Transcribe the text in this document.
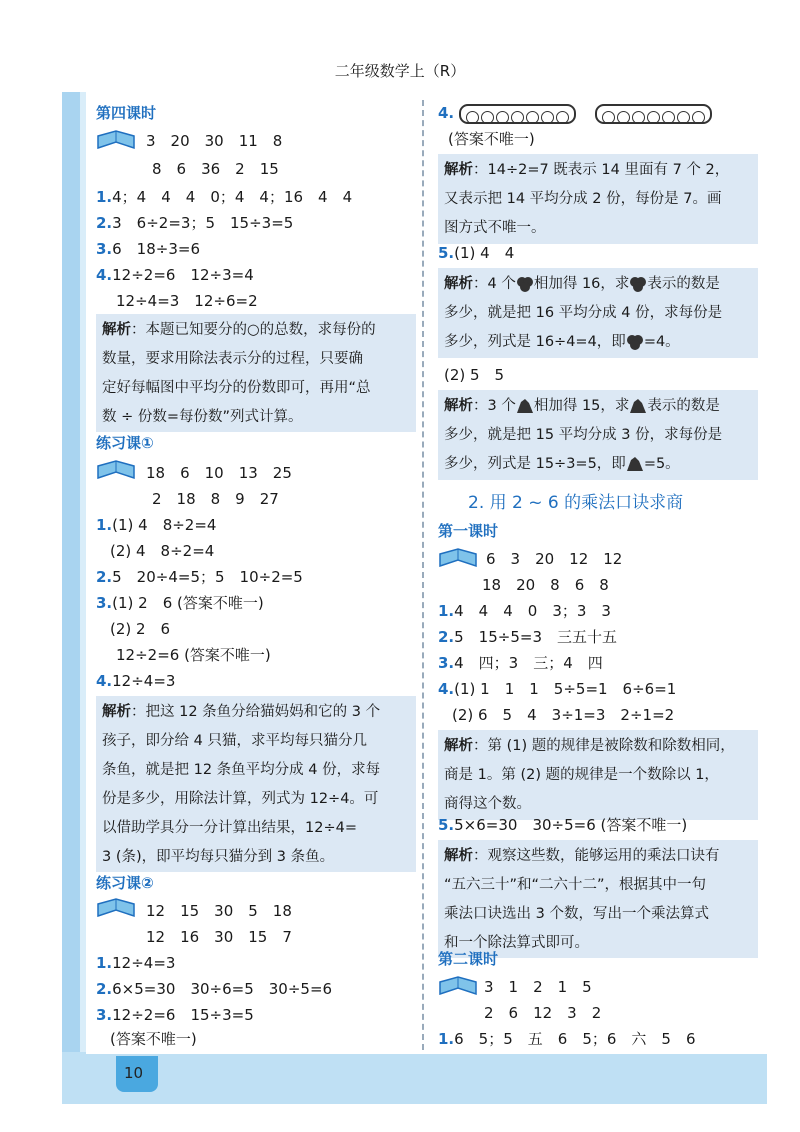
10
二年级数学上（R）
第四课时
3　20　30　11　8
8　6　36　2　15
1.4；4　4　4　0；4　4；16　4　4
2.3　6÷2=3；5　15÷3=5
3.6　18÷3=6
4.12÷2=6　12÷3=4
12÷4=3　12÷6=2
解析：本题已知要分的○的总数，求每份的
数量，要求用除法表示分的过程，只要确
定好每幅图中平均分的份数即可，再用“总
数 ÷ 份数=每份数”列式计算。
练习课①
18　6　10　13　25
2　18　8　9　27
1.(1) 4　8÷2=4
(2) 4　8÷2=4
2.5　20÷4=5；5　10÷2=5
3.(1) 2　6 (答案不唯一)
(2) 2　6
12÷2=6 (答案不唯一)
4.12÷4=3
解析：把这 12 条鱼分给猫妈妈和它的 3 个
孩子，即分给 4 只猫，求平均每只猫分几
条鱼，就是把 12 条鱼平均分成 4 份，求每
份是多少，用除法计算，列式为 12÷4。可
以借助学具分一分计算出结果，12÷4=
3 (条)，即平均每只猫分到 3 条鱼。
练习课②
12　15　30　5　18
12　16　30　15　7
1.12÷4=3
2.6×5=30　30÷6=5　30÷5=6
3.12÷2=6　15÷3=5
(答案不唯一)
4.
(答案不唯一)
解析：14÷2=7 既表示 14 里面有 7 个 2，
又表示把 14 平均分成 2 份，每份是 7。画
图方式不唯一。
5.(1) 4　4
解析：4 个 相加得 16，求 表示的数是
多少，就是把 16 平均分成 4 份，求每份是
多少，列式是 16÷4=4，即 =4。
(2) 5　5
解析：3 个 相加得 15，求 表示的数是
多少，就是把 15 平均分成 3 份，求每份是
多少，列式是 15÷3=5，即 =5。
2. 用 2 ~ 6 的乘法口诀求商
第一课时
6　3　20　12　12
18　20　8　6　8
1.4　4　4　0　3；3　3
2.5　15÷5=3　三五十五
3.4　四；3　三；4　四
4.(1) 1　1　1　5÷5=1　6÷6=1
(2) 6　5　4　3÷1=3　2÷1=2
解析：第 (1) 题的规律是被除数和除数相同，
商是 1。第 (2) 题的规律是一个数除以 1，
商得这个数。
5.5×6=30　30÷5=6 (答案不唯一)
解析：观察这些数，能够运用的乘法口诀有
“五六三十”和“二六十二”，根据其中一句
乘法口诀选出 3 个数，写出一个乘法算式
和一个除法算式即可。
第二课时
3　1　2　1　5
2　6　12　3　2
1.6　5；5　五　6　5；6　六　5　6
